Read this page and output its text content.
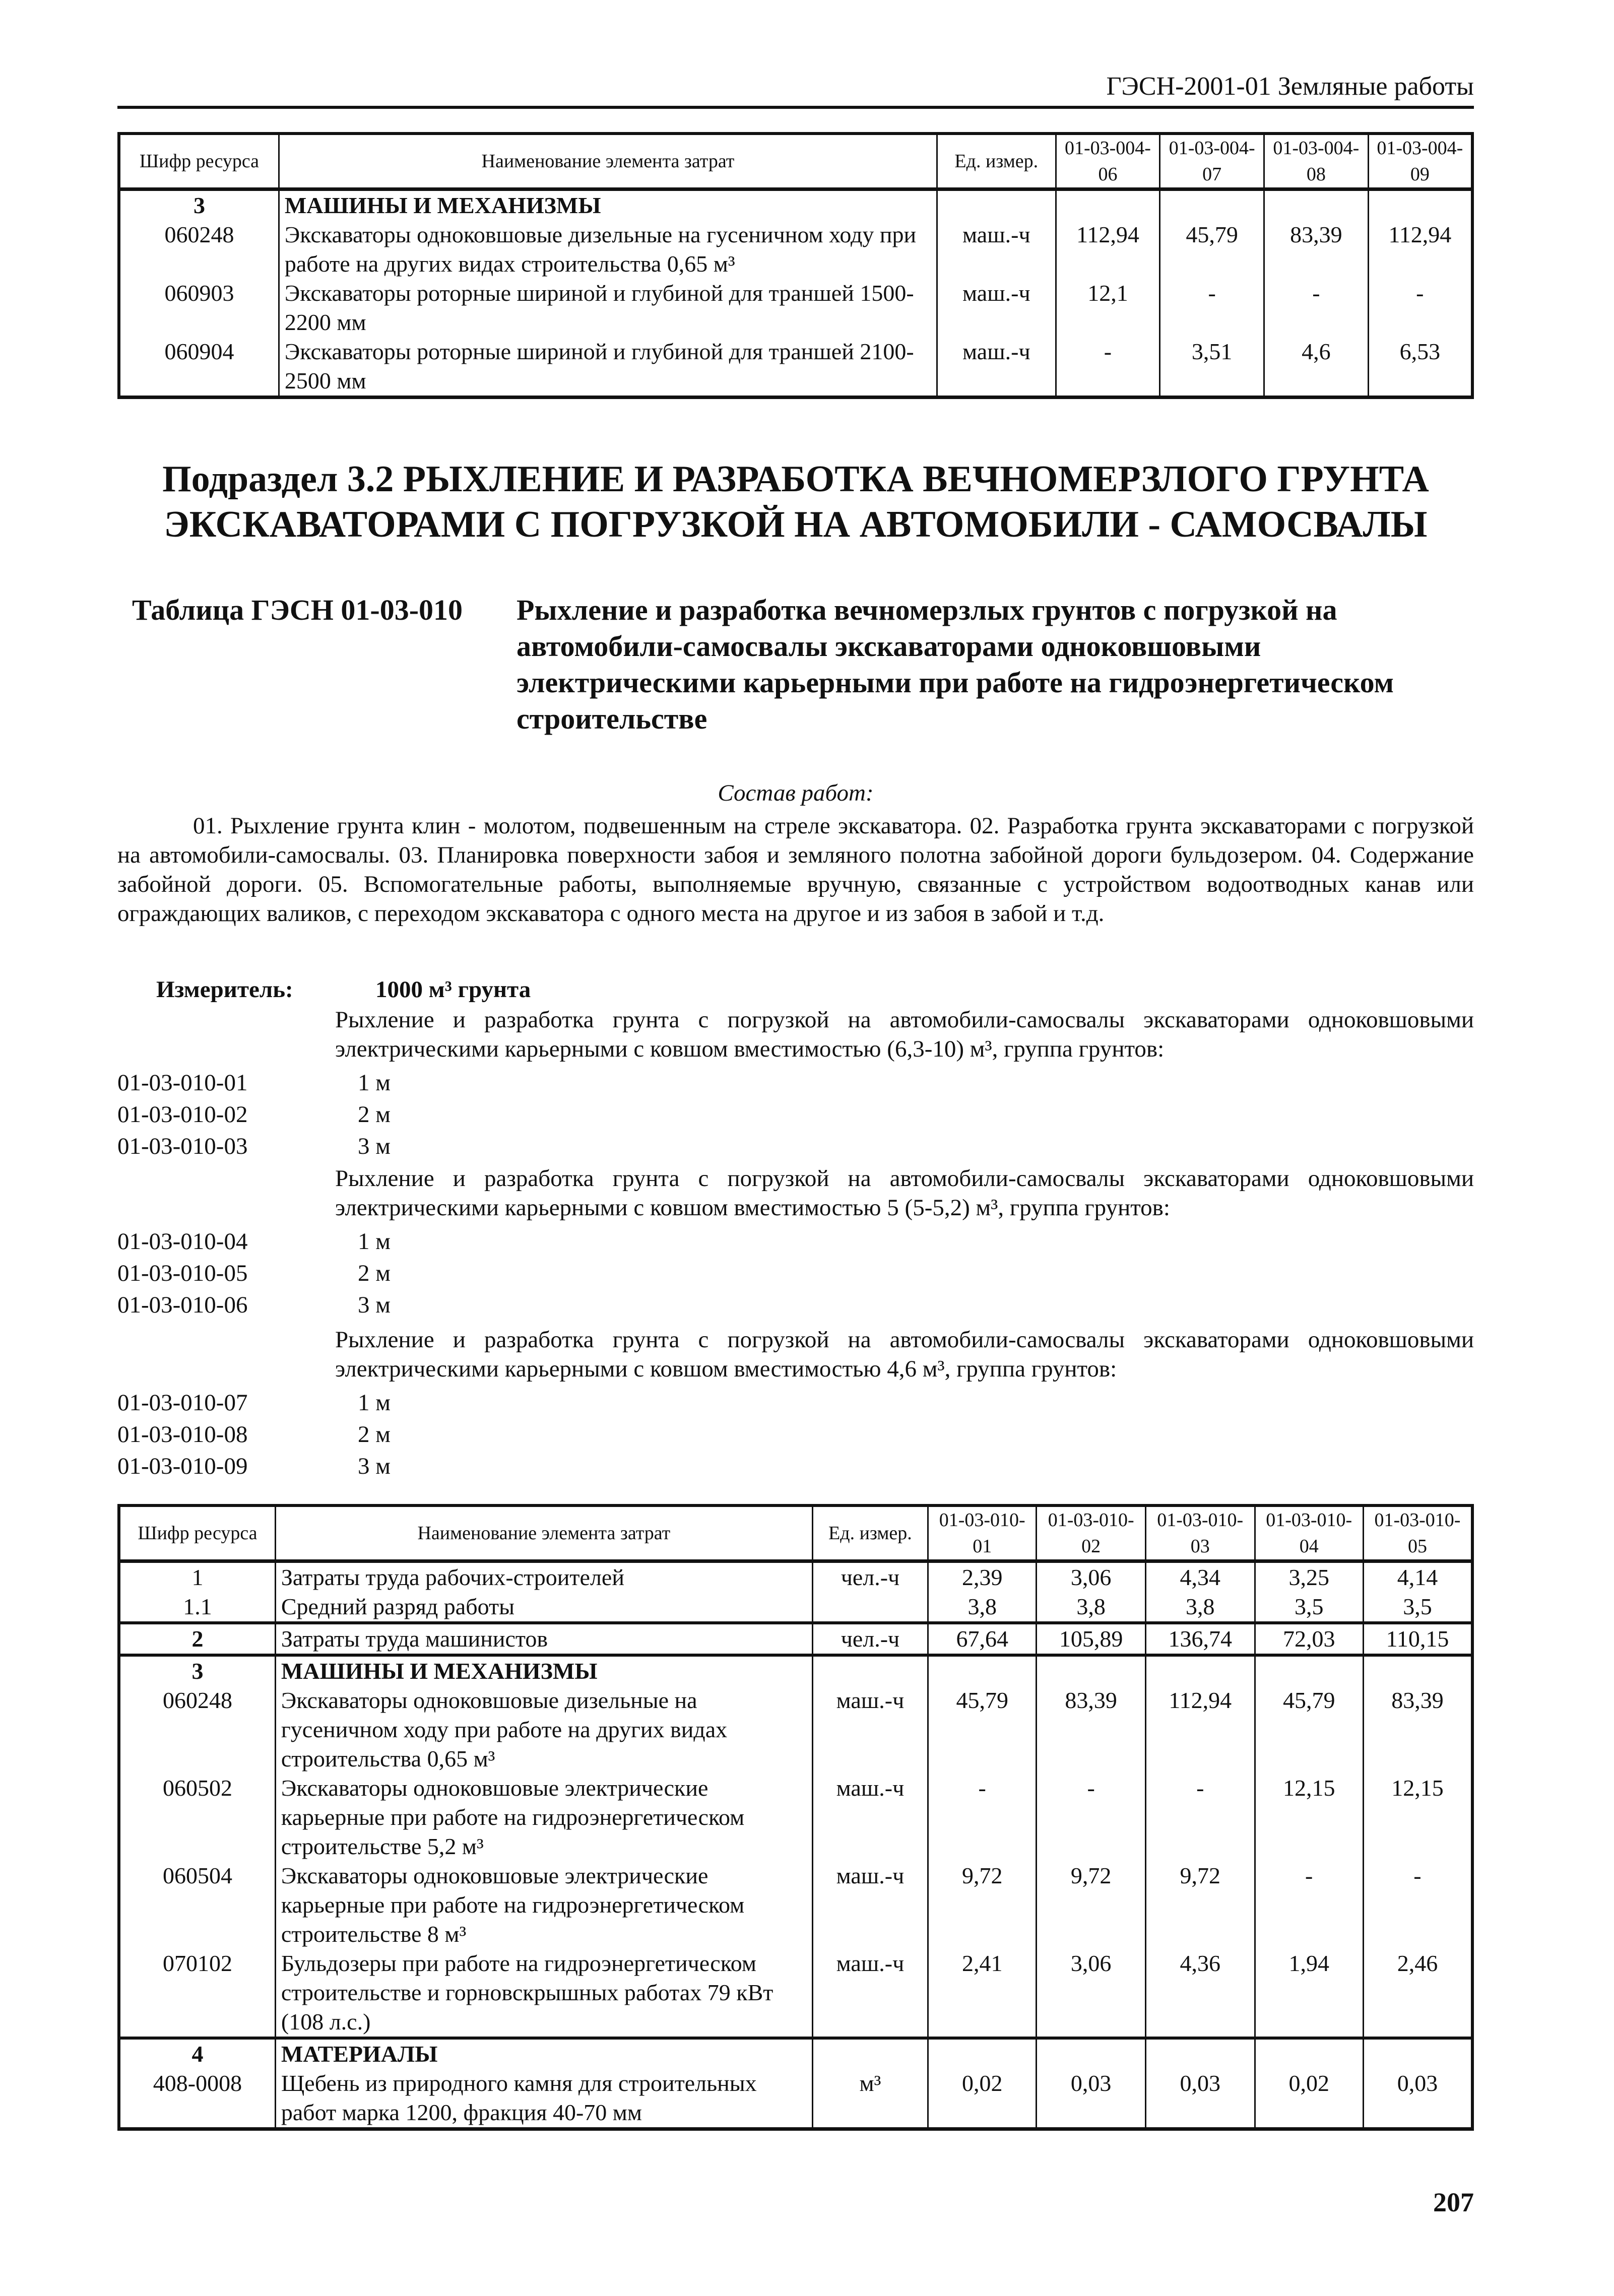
ГЭСН-2001-01 Земляные работы
Шифр ресурса	Наименование элемента затрат	Ед. измер.	01-03-004-06	01-03-004-07	01-03-004-08	01-03-004-09
3	МАШИНЫ И МЕХАНИЗМЫ					
060248	Экскаваторы одноковшовые дизельные на гусеничном ходу при работе на других видах строительства 0,65 м³	маш.-ч	112,94	45,79	83,39	112,94
060903	Экскаваторы роторные шириной и глубиной для траншей 1500-2200 мм	маш.-ч	12,1	-	-	-
060904	Экскаваторы роторные шириной и глубиной для траншей 2100-2500 мм	маш.-ч	-	3,51	4,6	6,53
Подраздел 3.2 РЫХЛЕНИЕ И РАЗРАБОТКА ВЕЧНОМЕРЗЛОГО ГРУНТА
ЭКСКАВАТОРАМИ С ПОГРУЗКОЙ НА АВТОМОБИЛИ - САМОСВАЛЫ
Таблица ГЭСН 01-03-010 Рыхление и разработка вечномерзлых грунтов с погрузкой на автомобили-самосвалы экскаваторами одноковшовыми электрическими карьерными при работе на гидроэнергетическом строительстве
Состав работ:
01. Рыхление грунта клин - молотом, подвешенным на стреле экскаватора. 02. Разработка грунта экскаваторами с погрузкой на автомобили-самосвалы. 03. Планировка поверхности забоя и земляного полотна забойной дороги бульдозером. 04. Содержание забойной дороги. 05. Вспомогательные работы, выполняемые вручную, связанные с устройством водоотводных канав или ограждающих валиков, с переходом экскаватора с одного места на другое и из забоя в забой и т.д.
Измеритель:	1000 м³ грунта
Рыхление и разработка грунта с погрузкой на автомобили-самосвалы экскаваторами одноковшовыми электрическими карьерными с ковшом вместимостью (6,3-10) м³, группа грунтов:
01-03-010-01	1 м
01-03-010-02	2 м
01-03-010-03	3 м
Рыхление и разработка грунта с погрузкой на автомобили-самосвалы экскаваторами одноковшовыми электрическими карьерными с ковшом вместимостью 5 (5-5,2) м³, группа грунтов:
01-03-010-04	1 м
01-03-010-05	2 м
01-03-010-06	3 м
Рыхление и разработка грунта с погрузкой на автомобили-самосвалы экскаваторами одноковшовыми электрическими карьерными с ковшом вместимостью 4,6 м³, группа грунтов:
01-03-010-07	1 м
01-03-010-08	2 м
01-03-010-09	3 м
Шифр ресурса	Наименование элемента затрат	Ед. измер.	01-03-010-01	01-03-010-02	01-03-010-03	01-03-010-04	01-03-010-05
1	Затраты труда рабочих-строителей	чел.-ч	2,39	3,06	4,34	3,25	4,14
1.1	Средний разряд работы		3,8	3,8	3,8	3,5	3,5
2	Затраты труда машинистов	чел.-ч	67,64	105,89	136,74	72,03	110,15
3	МАШИНЫ И МЕХАНИЗМЫ						
060248	Экскаваторы одноковшовые дизельные на гусеничном ходу при работе на других видах строительства 0,65 м³	маш.-ч	45,79	83,39	112,94	45,79	83,39
060502	Экскаваторы одноковшовые электрические карьерные при работе на гидроэнергетическом строительстве 5,2 м³	маш.-ч	-	-	-	12,15	12,15
060504	Экскаваторы одноковшовые электрические карьерные при работе на гидроэнергетическом строительстве 8 м³	маш.-ч	9,72	9,72	9,72	-	-
070102	Бульдозеры при работе на гидроэнергетическом строительстве и горновскрышных работах 79 кВт (108 л.с.)	маш.-ч	2,41	3,06	4,36	1,94	2,46
4	МАТЕРИАЛЫ						
408-0008	Щебень из природного камня для строительных работ марка 1200, фракция 40-70 мм	м³	0,02	0,03	0,03	0,02	0,03
207
